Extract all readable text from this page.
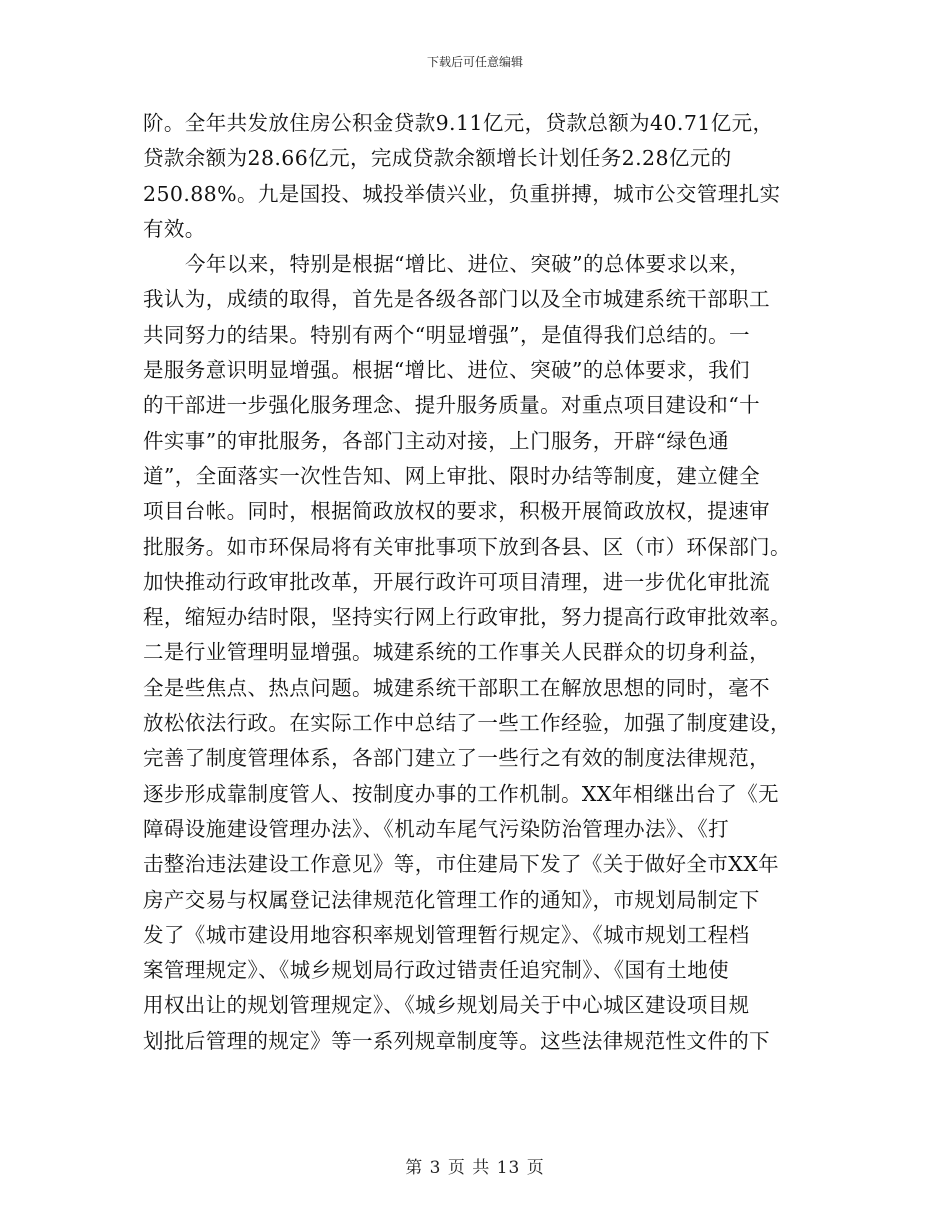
下载后可任意编辑
阶。全年共发放住房公积金贷款9.11亿元，贷款总额为40.71亿元，
贷款余额为28.66亿元，完成贷款余额增长计划任务2.28亿元的
250.88%。九是国投、城投举债兴业，负重拼搏，城市公交管理扎实
有效。
今年以来，特别是根据“增比、进位、突破”的总体要求以来，
我认为，成绩的取得，首先是各级各部门以及全市城建系统干部职工
共同努力的结果。特别有两个“明显增强”，是值得我们总结的。一
是服务意识明显增强。根据“增比、进位、突破”的总体要求，我们
的干部进一步强化服务理念、提升服务质量。对重点项目建设和“十
件实事”的审批服务，各部门主动对接，上门服务，开辟“绿色通
道”，全面落实一次性告知、网上审批、限时办结等制度，建立健全
项目台帐。同时，根据简政放权的要求，积极开展简政放权，提速审
批服务。如市环保局将有关审批事项下放到各县、区（市）环保部门。
加快推动行政审批改革，开展行政许可项目清理，进一步优化审批流
程，缩短办结时限，坚持实行网上行政审批，努力提高行政审批效率。
二是行业管理明显增强。城建系统的工作事关人民群众的切身利益，
全是些焦点、热点问题。城建系统干部职工在解放思想的同时，毫不
放松依法行政。在实际工作中总结了一些工作经验，加强了制度建设，
完善了制度管理体系，各部门建立了一些行之有效的制度法律规范，
逐步形成靠制度管人、按制度办事的工作机制。XX年相继出台了《无
障碍设施建设管理办法》、《机动车尾气污染防治管理办法》、《打
击整治违法建设工作意见》等，市住建局下发了《关于做好全市XX年
房产交易与权属登记法律规范化管理工作的通知》，市规划局制定下
发了《城市建设用地容积率规划管理暂行规定》、《城市规划工程档
案管理规定》、《城乡规划局行政过错责任追究制》、《国有土地使
用权出让的规划管理规定》、《城乡规划局关于中心城区建设项目规
划批后管理的规定》等一系列规章制度等。这些法律规范性文件的下
第 3 页 共 13 页
